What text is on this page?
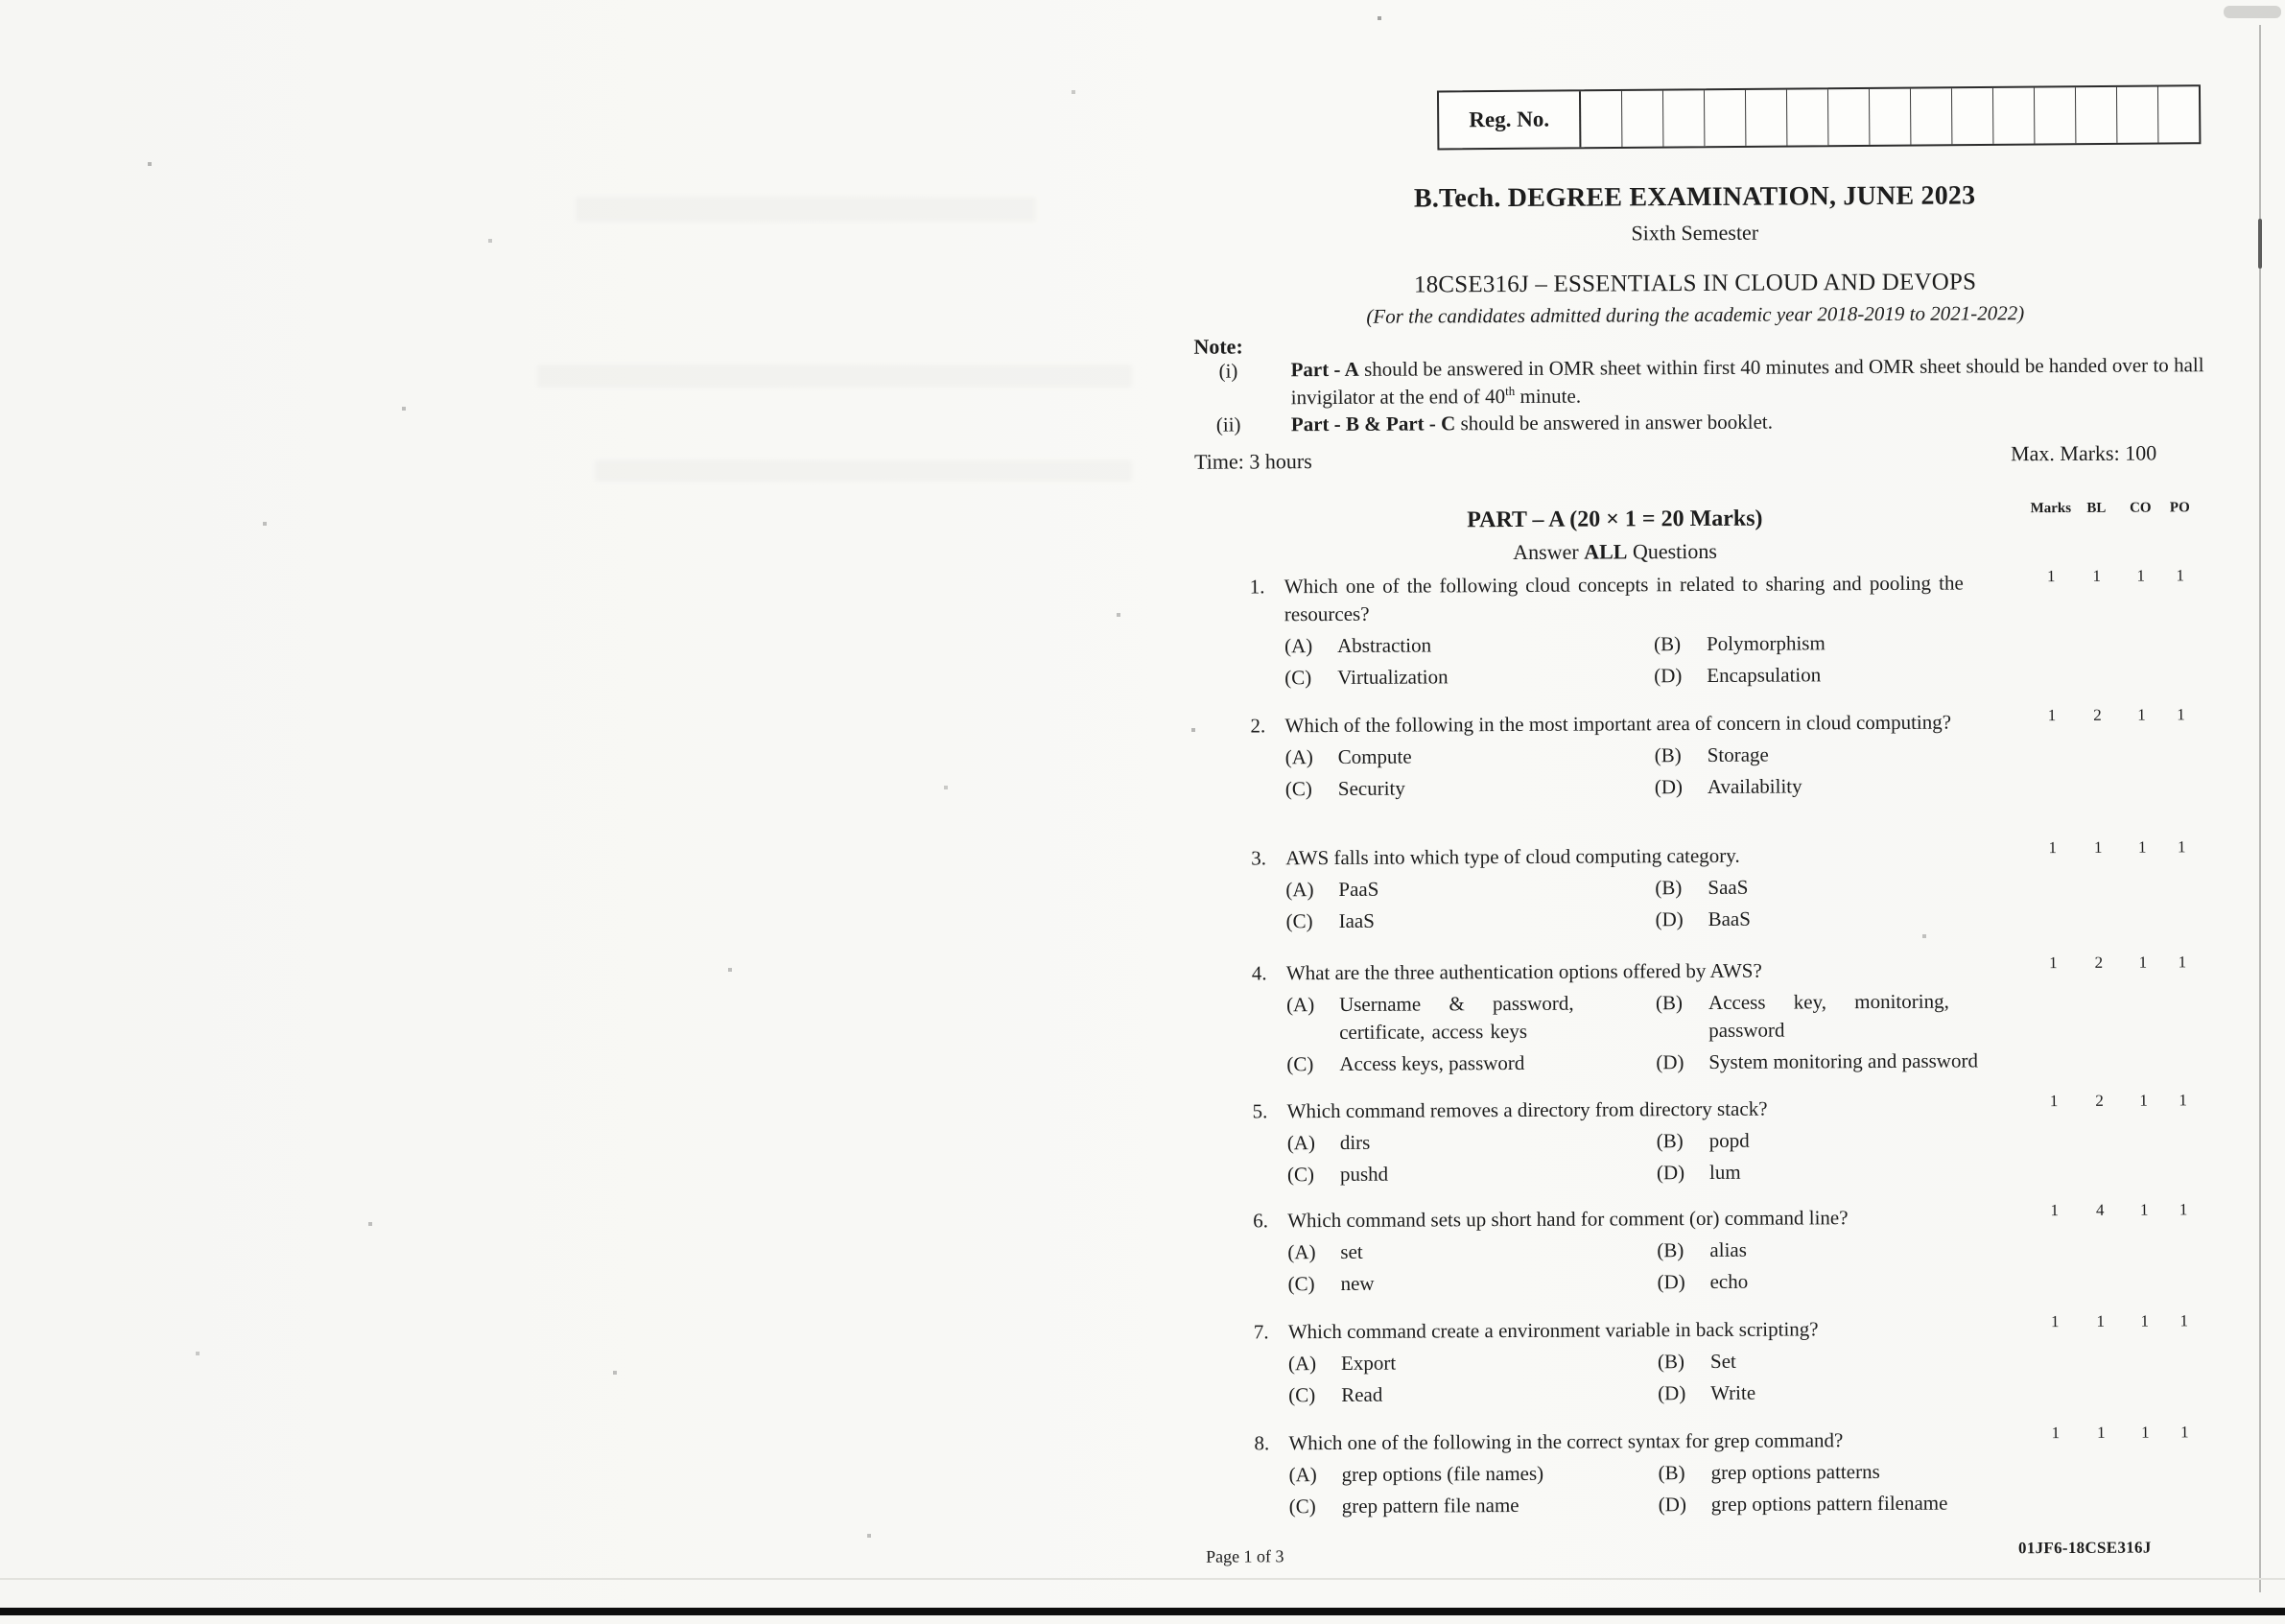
Reg. No.
B.Tech. DEGREE EXAMINATION, JUNE 2023
Sixth Semester
18CSE316J – ESSENTIALS IN CLOUD AND DEVOPS
(For the candidates admitted during the academic year 2018-2019 to 2021-2022)
Note:
(i)	Part - A should be answered in OMR sheet within first 40 minutes and OMR sheet should be handed over to hall invigilator at the end of 40th minute.
(ii) Part - B & Part - C should be answered in answer booklet.
Time: 3 hours	Max. Marks: 100
PART – A (20 × 1 = 20 Marks)
Answer ALL Questions
Marks	BL	CO	PO
1. Which one of the following cloud concepts in related to sharing and pooling the resources?
(A)	Abstraction	(B)	Polymorphism
(C)	Virtualization	(D)	Encapsulation
1	1	1	1
2. Which of the following in the most important area of concern in cloud computing?
(A)	Compute	(B)	Storage
(C)	Security	(D)	Availability
1	2	1	1
3. AWS falls into which type of cloud computing category.
(A)	PaaS	(B)	SaaS
(C)	IaaS	(D)	BaaS
1	1	1	1
4. What are the three authentication options offered by AWS?
(A)	Username & password,
certificate, access keys
(B)	Access key, monitoring,
password
(C)	Access keys, password	(D)	System monitoring and password
1	2	1	1
5. Which command removes a directory from directory stack?
(A)	dirs	(B)	popd
(C)	pushd	(D)	lum
1	2	1	1
6. Which command sets up short hand for comment (or) command line?
(A)	set	(B)	alias
(C)	new	(D)	echo
1	4	1	1
7. Which command create a environment variable in back scripting?
(A)	Export	(B)	Set
(C)	Read	(D)	Write
1	1	1	1
8. Which one of the following in the correct syntax for grep command?
(A)	grep options (file names)	(B)	grep options patterns
(C)	grep pattern file name	(D)	grep options pattern filename
1	1	1	1
Page 1 of 3	01JF6-18CSE316J
